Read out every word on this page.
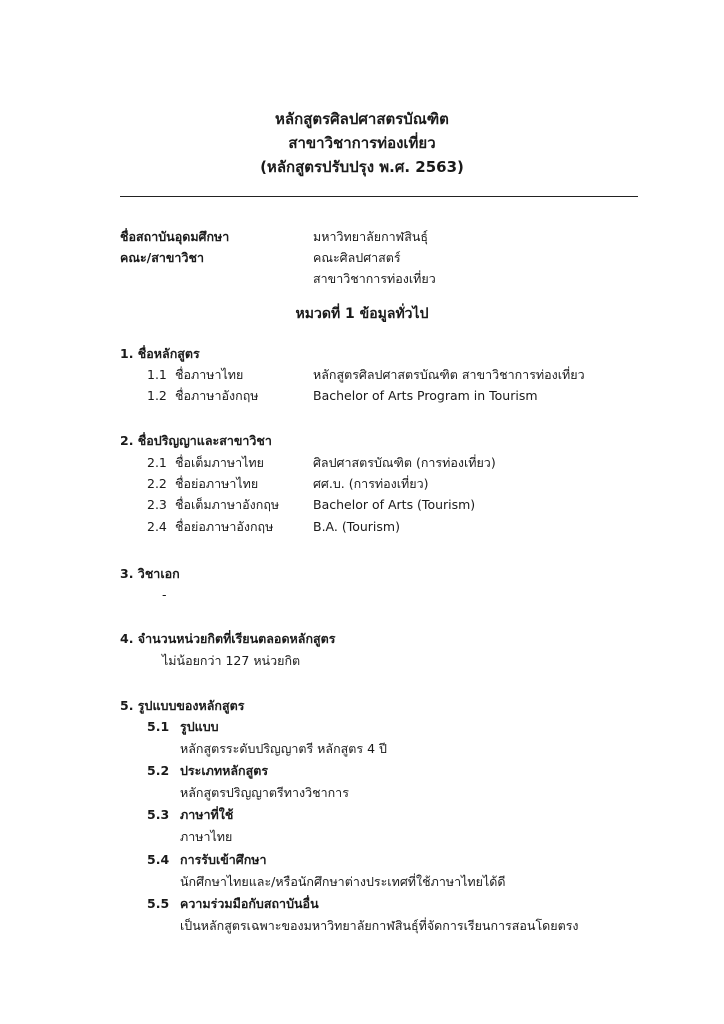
หลักสูตรศิลปศาสตรบัณฑิต
สาขาวิชาการท่องเที่ยว
(หลักสูตรปรับปรุง พ.ศ. 2563)
ชื่อสถาบันอุดมศึกษา	มหาวิทยาลัยกาฬสินธุ์
คณะ/สาขาวิชา	คณะศิลปศาสตร์
สาขาวิชาการท่องเที่ยว
หมวดที่ 1 ข้อมูลทั่วไป
1. ชื่อหลักสูตร
1.1 ชื่อภาษาไทย	หลักสูตรศิลปศาสตรบัณฑิต สาขาวิชาการท่องเที่ยว
1.2 ชื่อภาษาอังกฤษ	Bachelor of Arts Program in Tourism
2. ชื่อปริญญาและสาขาวิชา
2.1 ชื่อเต็มภาษาไทย	ศิลปศาสตรบัณฑิต (การท่องเที่ยว)
2.2 ชื่อย่อภาษาไทย	ศศ.บ. (การท่องเที่ยว)
2.3 ชื่อเต็มภาษาอังกฤษ	Bachelor of Arts (Tourism)
2.4 ชื่อย่อภาษาอังกฤษ	B.A. (Tourism)
3. วิชาเอก
-
4. จำนวนหน่วยกิตที่เรียนตลอดหลักสูตร
ไม่น้อยกว่า 127 หน่วยกิต
5. รูปแบบของหลักสูตร
5.1 รูปแบบ
หลักสูตรระดับปริญญาตรี หลักสูตร 4 ปี
5.2 ประเภทหลักสูตร
หลักสูตรปริญญาตรีทางวิชาการ
5.3 ภาษาที่ใช้
ภาษาไทย
5.4 การรับเข้าศึกษา
นักศึกษาไทยและ/หรือนักศึกษาต่างประเทศที่ใช้ภาษาไทยได้ดี
5.5 ความร่วมมือกับสถาบันอื่น
เป็นหลักสูตรเฉพาะของมหาวิทยาลัยกาฬสินธุ์ที่จัดการเรียนการสอนโดยตรง
